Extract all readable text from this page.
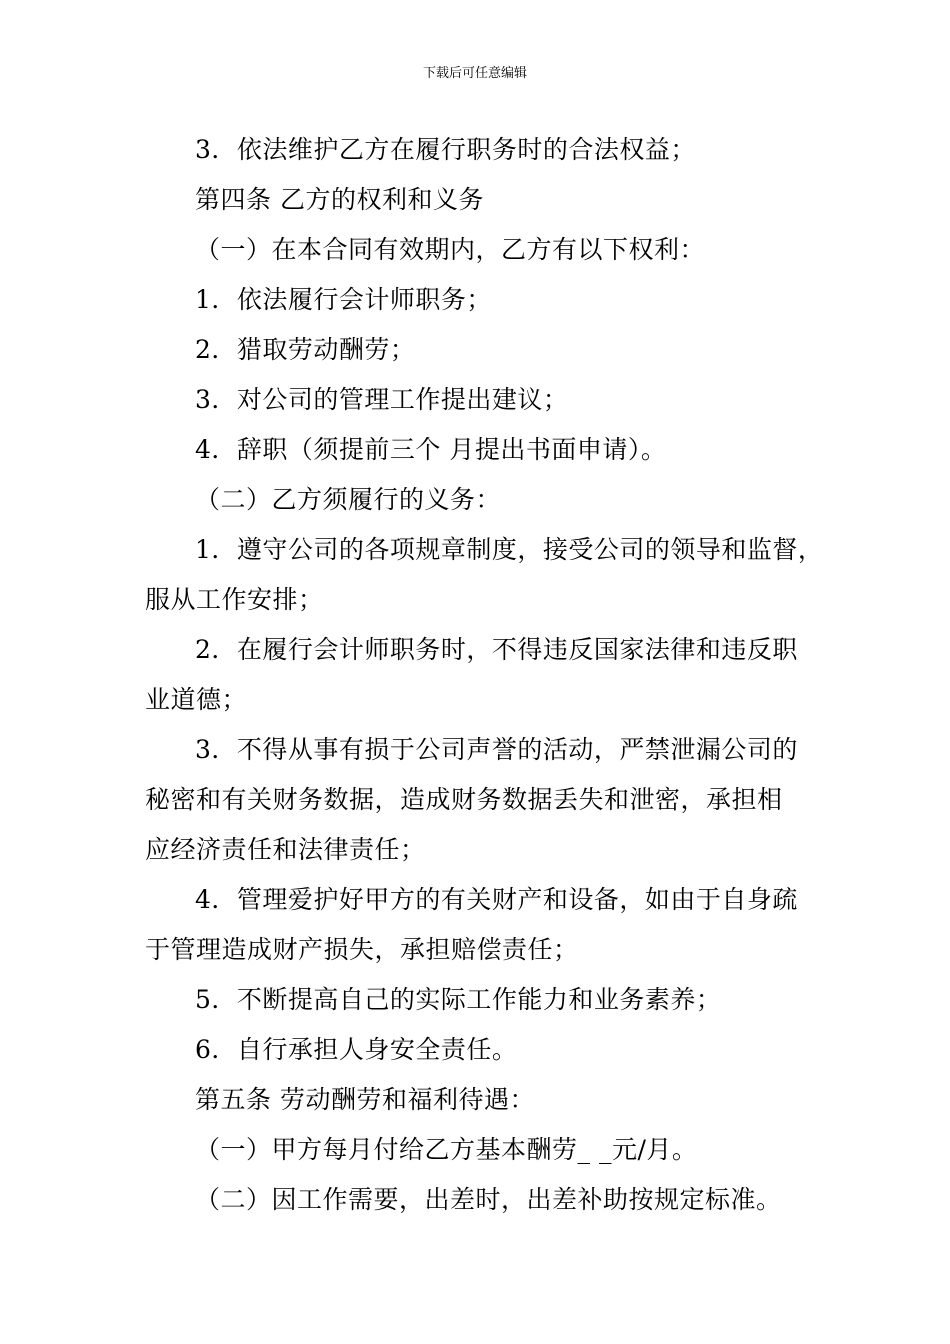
下载后可任意编辑
3．依法维护乙方在履行职务时的合法权益；
第四条 乙方的权利和义务
（一）在本合同有效期内，乙方有以下权利：
1．依法履行会计师职务；
2．猎取劳动酬劳；
3．对公司的管理工作提出建议；
4．辞职（须提前三个 月提出书面申请）。
（二）乙方须履行的义务：
1．遵守公司的各项规章制度，接受公司的领导和监督，
服从工作安排；
2．在履行会计师职务时，不得违反国家法律和违反职
业道德；
3．不得从事有损于公司声誉的活动，严禁泄漏公司的
秘密和有关财务数据，造成财务数据丢失和泄密，承担相
应经济责任和法律责任；
4．管理爱护好甲方的有关财产和设备，如由于自身疏
于管理造成财产损失，承担赔偿责任；
5．不断提高自己的实际工作能力和业务素养；
6．自行承担人身安全责任。
第五条 劳动酬劳和福利待遇：
（一）甲方每月付给乙方基本酬劳_ _元/月。
（二）因工作需要，出差时，出差补助按规定标准。
